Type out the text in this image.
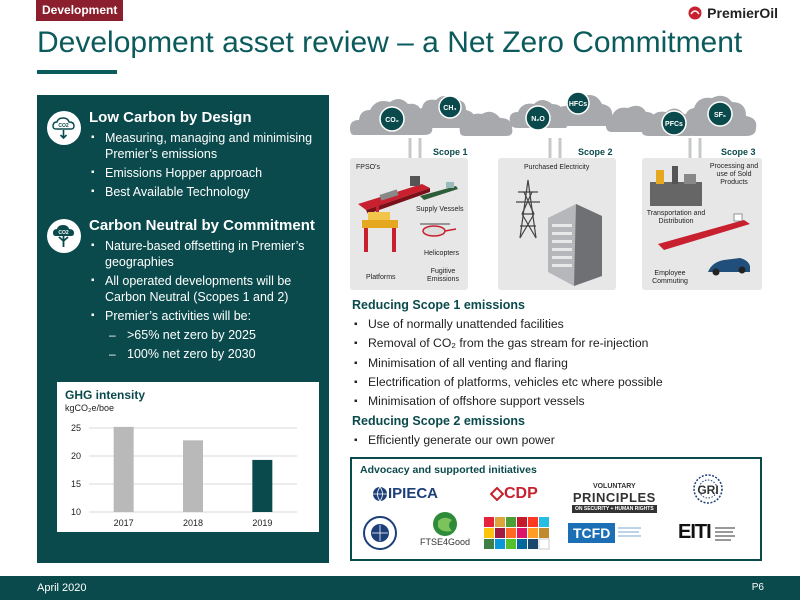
Development	PremierOil
Development asset review – a Net Zero Commitment
CO2 Low Carbon by Design
▪ Measuring, managing and minimising Premier’s emissions
▪ Emissions Hopper approach
▪ Best Available Technology
CO2 Carbon Neutral by Commitment
▪ Nature-based offsetting in Premier’s geographies
▪ All operated developments will be Carbon Neutral (Scopes 1 and 2)
▪ Premier’s activities will be:
– >65% net zero by 2025
– 100% net zero by 2030
GHG intensity
kgCO₂e/boe
10
15
20
25
2017	2018	2019
CO₂
CH₄
N₂O
HFCs
PFCs
SF₆
Scope 1	Scope 2	Scope 3
FPSO’s
Supply Vessels
Helicopters
Platforms
Fugitive Emissions
Purchased Electricity	Processing and use of Sold Products
Transportation and Distribution
Employee Commuting
Reducing Scope 1 emissions
▪ Use of normally unattended facilities
▪ Removal of CO₂ from the gas stream for re-injection
▪ Minimisation of all venting and flaring
▪ Electrification of platforms, vehicles etc where possible
▪ Minimisation of offshore support vessels
Reducing Scope 2 emissions
▪ Efficiently generate our own power
Advocacy and supported initiatives
IPIECA	CDP	VOLUNTARY
PRINCIPLES
ON SECURITY + HUMAN RIGHTS
GRI
FTSE4Good
TCFD	EITI
April 2020	P6
